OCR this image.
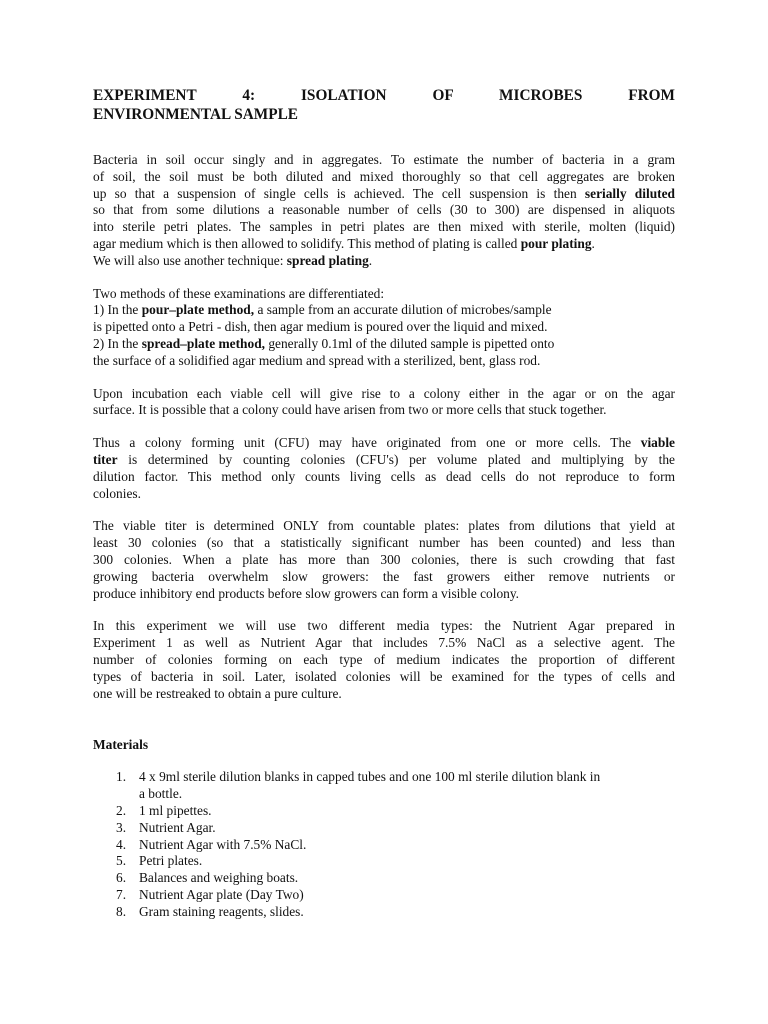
EXPERIMENT 4: ISOLATION OF MICROBES FROM
ENVIRONMENTAL SAMPLE

Bacteria in soil occur singly and in aggregates. To estimate the number of bacteria in a gram
of soil, the soil must be both diluted and mixed thoroughly so that cell aggregates are broken
up so that a suspension of single cells is achieved. The cell suspension is then serially diluted
so that from some dilutions a reasonable number of cells (30 to 300) are dispensed in aliquots
into sterile petri plates. The samples in petri plates are then mixed with sterile, molten (liquid)
agar medium which is then allowed to solidify. This method of plating is called pour plating.
We will also use another technique: spread plating.

Two methods of these examinations are differentiated:
1) In the pour–plate method, a sample from an accurate dilution of microbes/sample
is pipetted onto a Petri - dish, then agar medium is poured over the liquid and mixed.
2) In the spread–plate method, generally 0.1ml of the diluted sample is pipetted onto
the surface of a solidified agar medium and spread with a sterilized, bent, glass rod.

Upon incubation each viable cell will give rise to a colony either in the agar or on the agar
surface. It is possible that a colony could have arisen from two or more cells that stuck together.

Thus a colony forming unit (CFU) may have originated from one or more cells. The viable
titer is determined by counting colonies (CFU's) per volume plated and multiplying by the
dilution factor. This method only counts living cells as dead cells do not reproduce to form
colonies.

The viable titer is determined ONLY from countable plates: plates from dilutions that yield at
least 30 colonies (so that a statistically significant number has been counted) and less than
300 colonies. When a plate has more than 300 colonies, there is such crowding that fast
growing bacteria overwhelm slow growers: the fast growers either remove nutrients or
produce inhibitory end products before slow growers can form a visible colony.

In this experiment we will use two different media types: the Nutrient Agar prepared in
Experiment 1 as well as Nutrient Agar that includes 7.5% NaCl as a selective agent. The
number of colonies forming on each type of medium indicates the proportion of different
types of bacteria in soil. Later, isolated colonies will be examined for the types of cells and
one will be restreaked to obtain a pure culture.

Materials
1. 4 x 9ml sterile dilution blanks in capped tubes and one 100 ml sterile dilution blank in
a bottle.
2. 1 ml pipettes.
3. Nutrient Agar.
4. Nutrient Agar with 7.5% NaCl.
5. Petri plates.
6. Balances and weighing boats.
7. Nutrient Agar plate (Day Two)
8. Gram staining reagents, slides.
